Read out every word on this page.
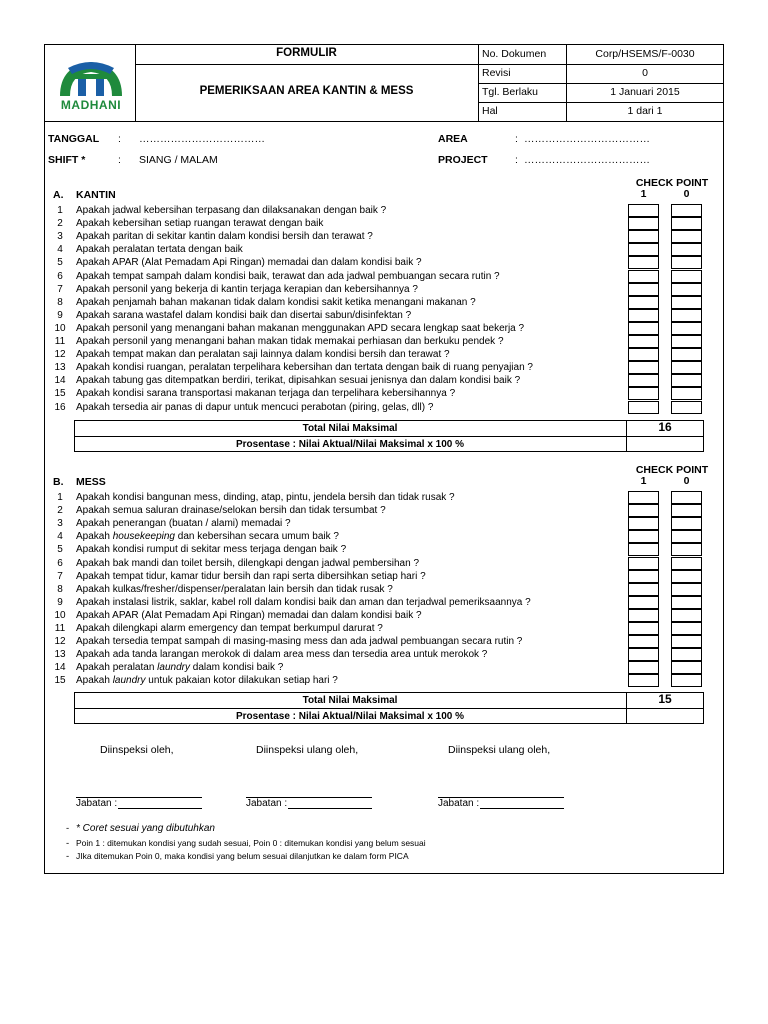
MADHANI
FORMULIR
PEMERIKSAAN AREA KANTIN & MESS
No. Dokumen	Corp/HSEMS/F-0030
Revisi	0
Tgl. Berlaku	1 Januari 2015
Hal	1 dari 1
TANGGAL : ………………………………	AREA	: ………………………………
SHIFT *	: SIANG / MALAM	PROJECT	: ………………………………
CHECK POINT
1	0
A. KANTIN
1	Apakah jadwal kebersihan terpasang dan dilaksanakan dengan baik ?
2	Apakah kebersihan setiap ruangan terawat dengan baik
3	Apakah paritan di sekitar kantin dalam kondisi bersih dan terawat ?
4	Apakah peralatan tertata dengan baik
5	Apakah APAR (Alat Pemadam Api Ringan) memadai dan dalam kondisi baik ?
6	Apakah tempat sampah dalam kondisi baik, terawat dan ada jadwal pembuangan secara rutin ?
7	Apakah personil yang bekerja di kantin terjaga kerapian dan kebersihannya ?
8	Apakah penjamah bahan makanan tidak dalam kondisi sakit ketika menangani makanan ?
9	Apakah sarana wastafel dalam kondisi baik dan disertai sabun/disinfektan ?
10 Apakah personil yang menangani bahan makanan menggunakan APD secara lengkap saat bekerja ?
11 Apakah personil yang menangani bahan makan tidak memakai perhiasan dan berkuku pendek ?
12 Apakah tempat makan dan peralatan saji lainnya dalam kondisi bersih dan terawat ?
13 Apakah kondisi ruangan, peralatan terpelihara kebersihan dan tertata dengan baik di ruang penyajian ?
14 Apakah tabung gas ditempatkan berdiri, terikat, dipisahkan sesuai jenisnya dan dalam kondisi baik ?
15 Apakah kondisi sarana transportasi makanan terjaga dan terpelihara kebersihannya ?
16 Apakah tersedia air panas di dapur untuk mencuci perabotan (piring, gelas, dll) ?
Total Nilai Maksimal	16
Prosentase : Nilai Aktual/Nilai Maksimal x 100 %
CHECK POINT
1	0
B. MESS
1	Apakah kondisi bangunan mess, dinding, atap, pintu, jendela bersih dan tidak rusak ?
2	Apakah semua saluran drainase/selokan bersih dan tidak tersumbat ?
3	Apakah penerangan (buatan / alami) memadai ?
4	Apakah housekeeping dan kebersihan secara umum baik ?
5	Apakah kondisi rumput di sekitar mess terjaga dengan baik ?
6	Apakah bak mandi dan toilet bersih, dilengkapi dengan jadwal pembersihan ?
7	Apakah tempat tidur, kamar tidur bersih dan rapi serta dibersihkan setiap hari ?
8	Apakah kulkas/fresher/dispenser/peralatan lain bersih dan tidak rusak ?
9	Apakah instalasi listrik, saklar, kabel roll dalam kondisi baik dan aman dan terjadwal pemeriksaannya ?
10 Apakah APAR (Alat Pemadam Api Ringan) memadai dan dalam kondisi baik ?
11 Apakah dilengkapi alarm emergency dan tempat berkumpul darurat ?
12 Apakah tersedia tempat sampah di masing-masing mess dan ada jadwal pembuangan secara rutin ?
13 Apakah ada tanda larangan merokok di dalam area mess dan tersedia area untuk merokok ?
14 Apakah peralatan laundry dalam kondisi baik ?
15 Apakah laundry untuk pakaian kotor dilakukan setiap hari ?
Total Nilai Maksimal	15
Prosentase : Nilai Aktual/Nilai Maksimal x 100 %
Diinspeksi oleh,
Jabatan :
Diinspeksi ulang oleh,
Jabatan :
Diinspeksi ulang oleh,
Jabatan :
- * Coret sesuai yang dibutuhkan
- Poin 1 : ditemukan kondisi yang sudah sesuai, Poin 0 : ditemukan kondisi yang belum sesuai
- JIka ditemukan Poin 0, maka kondisi yang belum sesuai dilanjutkan ke dalam form PICA
